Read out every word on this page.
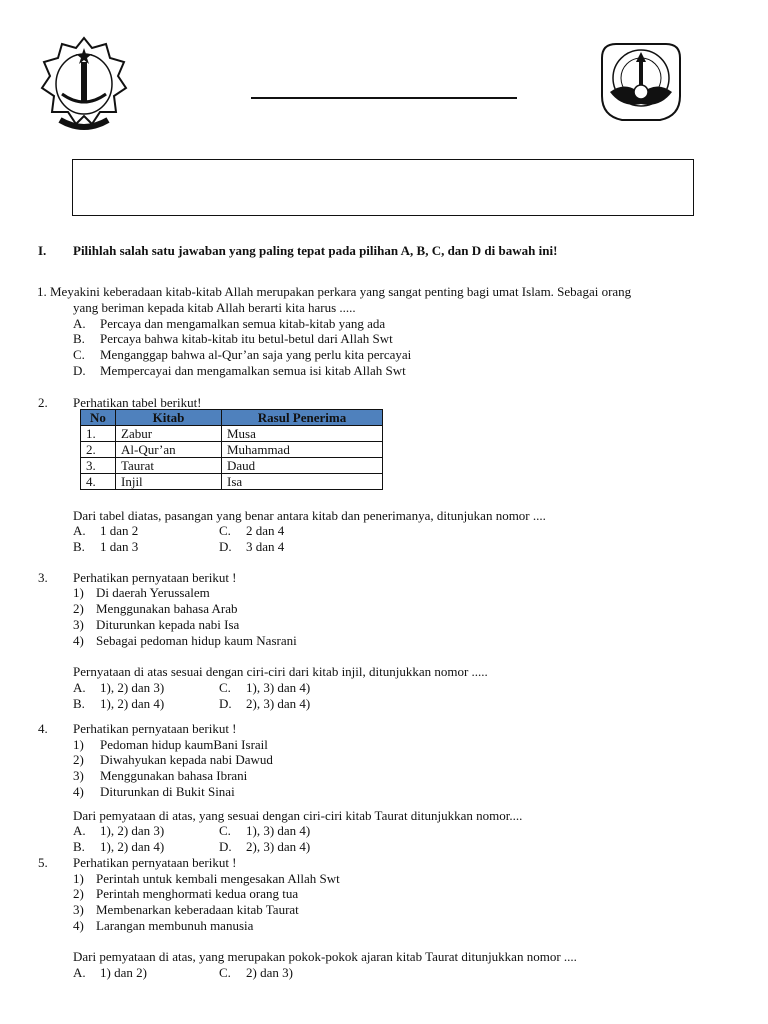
I. Pilihlah salah satu jawaban yang paling tepat pada pilihan A, B, C, dan D di bawah ini!
1. Meyakini keberadaan kitab-kitab Allah merupakan perkara yang sangat penting bagi umat Islam. Sebagai orang
yang beriman kepada kitab Allah berarti kita harus .....
A. Percaya dan mengamalkan semua kitab-kitab yang ada
B. Percaya bahwa kitab-kitab itu betul-betul dari Allah Swt
C. Menganggap bahwa al-Qur’an saja yang perlu kita percayai
D. Mempercayai dan mengamalkan semua isi kitab Allah Swt
2. Perhatikan tabel berikut!
No	Kitab	Rasul Penerima
1.	Zabur	Musa
2.	Al-Qur’an	Muhammad
3.	Taurat	Daud
4.	Injil	Isa
Dari tabel diatas, pasangan yang benar antara kitab dan penerimanya, ditunjukan nomor ....
A. 1 dan 2	C. 2 dan 4
B. 1 dan 3	D. 3 dan 4
3. Perhatikan pernyataan berikut !
1) Di daerah Yerussalem
2) Menggunakan bahasa Arab
3) Diturunkan kepada nabi Isa
4) Sebagai pedoman hidup kaum Nasrani
Pernyataan di atas sesuai dengan ciri-ciri dari kitab injil, ditunjukkan nomor .....
A. 1), 2) dan 3)	C. 1), 3) dan 4)
B. 1), 2) dan 4)	D. 2), 3) dan 4)
4. Perhatikan pernyataan berikut !
1) Pedoman hidup kaumBani Israil
2) Diwahyukan kepada nabi Dawud
3) Menggunakan bahasa Ibrani
4) Diturunkan di Bukit Sinai
Dari pemyataan di atas, yang sesuai dengan ciri-ciri kitab Taurat ditunjukkan nomor....
A. 1), 2) dan 3)	C. 1), 3) dan 4)
B. 1), 2) dan 4)	D. 2), 3) dan 4)
5. Perhatikan pernyataan berikut !
1) Perintah untuk kembali mengesakan Allah Swt
2) Perintah menghormati kedua orang tua
3) Membenarkan keberadaan kitab Taurat
4) Larangan membunuh manusia
Dari pemyataan di atas, yang merupakan pokok-pokok ajaran kitab Taurat ditunjukkan nomor ....
A. 1) dan 2)	C. 2) dan 3)
